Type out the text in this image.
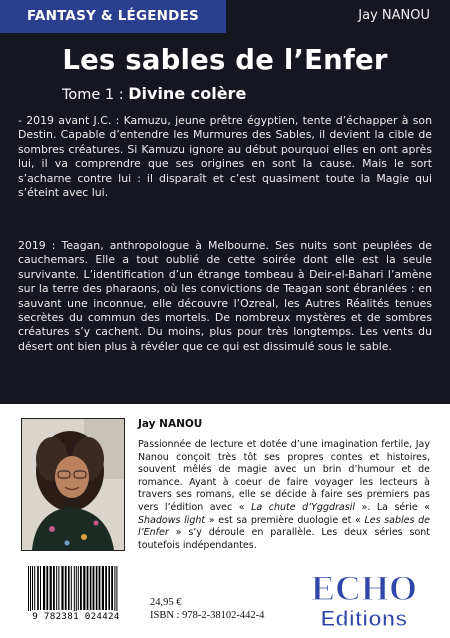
FANTASY & LÉGENDES	Jay NANOU
Les sables de l’Enfer
Tome 1 : Divine colère

- 2019 avant J.C. : Kamuzu, jeune prêtre égyptien, tente d’échapper à son Destin. Capable d’entendre les Murmures des Sables, il devient la cible de sombres créatures. Si Kamuzu ignore au début pourquoi elles en ont après lui, il va comprendre que ses origines en sont la cause. Mais le sort s’acharne contre lui : il disparaît et c’est quasiment toute la Magie qui s’éteint avec lui.

2019 : Teagan, anthropologue à Melbourne. Ses nuits sont peuplées de cauchemars. Elle a tout oublié de cette soirée dont elle est la seule survivante. L’identification d’un étrange tombeau à Deir-el-Bahari l’amène sur la terre des pharaons, où les convictions de Teagan sont ébranlées : en sauvant une inconnue, elle découvre l’Ozreal, les Autres Réalités tenues secrètes du commun des mortels. De nombreux mystères et de sombres créatures s’y cachent. Du moins, plus pour très longtemps. Les vents du désert ont bien plus à révéler que ce qui est dissimulé sous le sable.

Jay NANOU

Passionnée de lecture et dotée d’une imagination fertile, Jay Nanou conçoit très tôt ses propres contes et histoires, souvent mêlés de magie avec un brin d’humour et de romance. Ayant à coeur de faire voyager les lecteurs à travers ses romans, elle se décide à faire ses premiers pas vers l’édition avec « La chute d’Yggdrasil ». La série « Shadows light » est sa première duologie et « Les sables de l’Enfer » s’y déroule en parallèle. Les deux séries sont toutefois indépendantes.

9 782381 024424
24,95 €
ISBN : 978-2-38102-442-4
ECHO
Editions
